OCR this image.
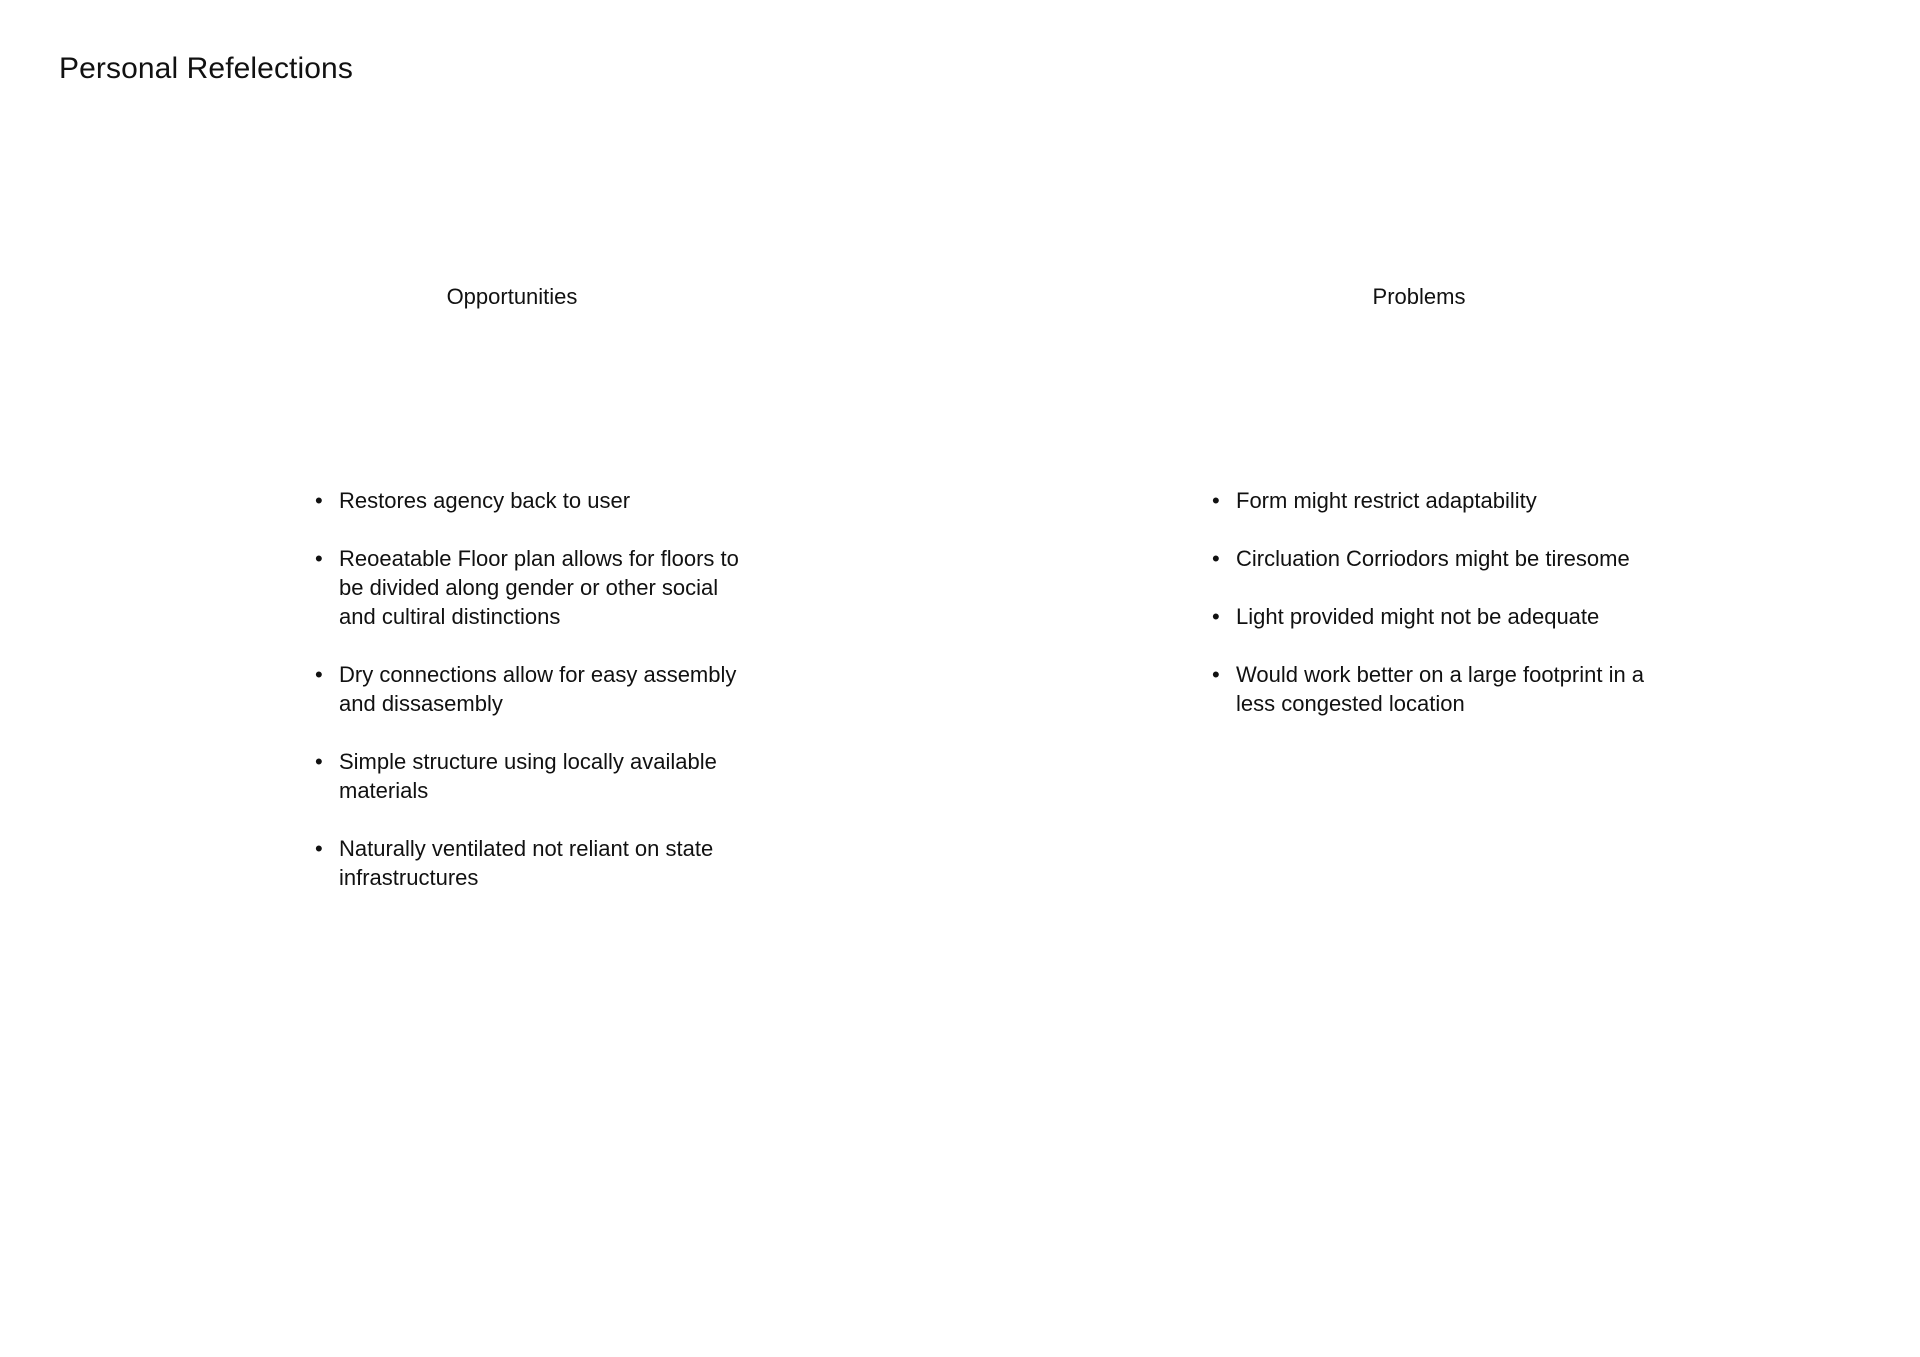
Personal Refelections
Opportunities	Problems
• Restores agency back to user
• Reoeatable Floor plan allows for floors to be divided along gender or other social and cultiral distinctions
• Dry connections allow for easy assembly and dissasembly
• Simple structure using locally available materials
• Naturally ventilated not reliant on state infrastructures
• Form might restrict adaptability
• Circluation Corriodors might be tiresome
• Light provided might not be adequate
• Would work better on a large footprint in a less congested location
